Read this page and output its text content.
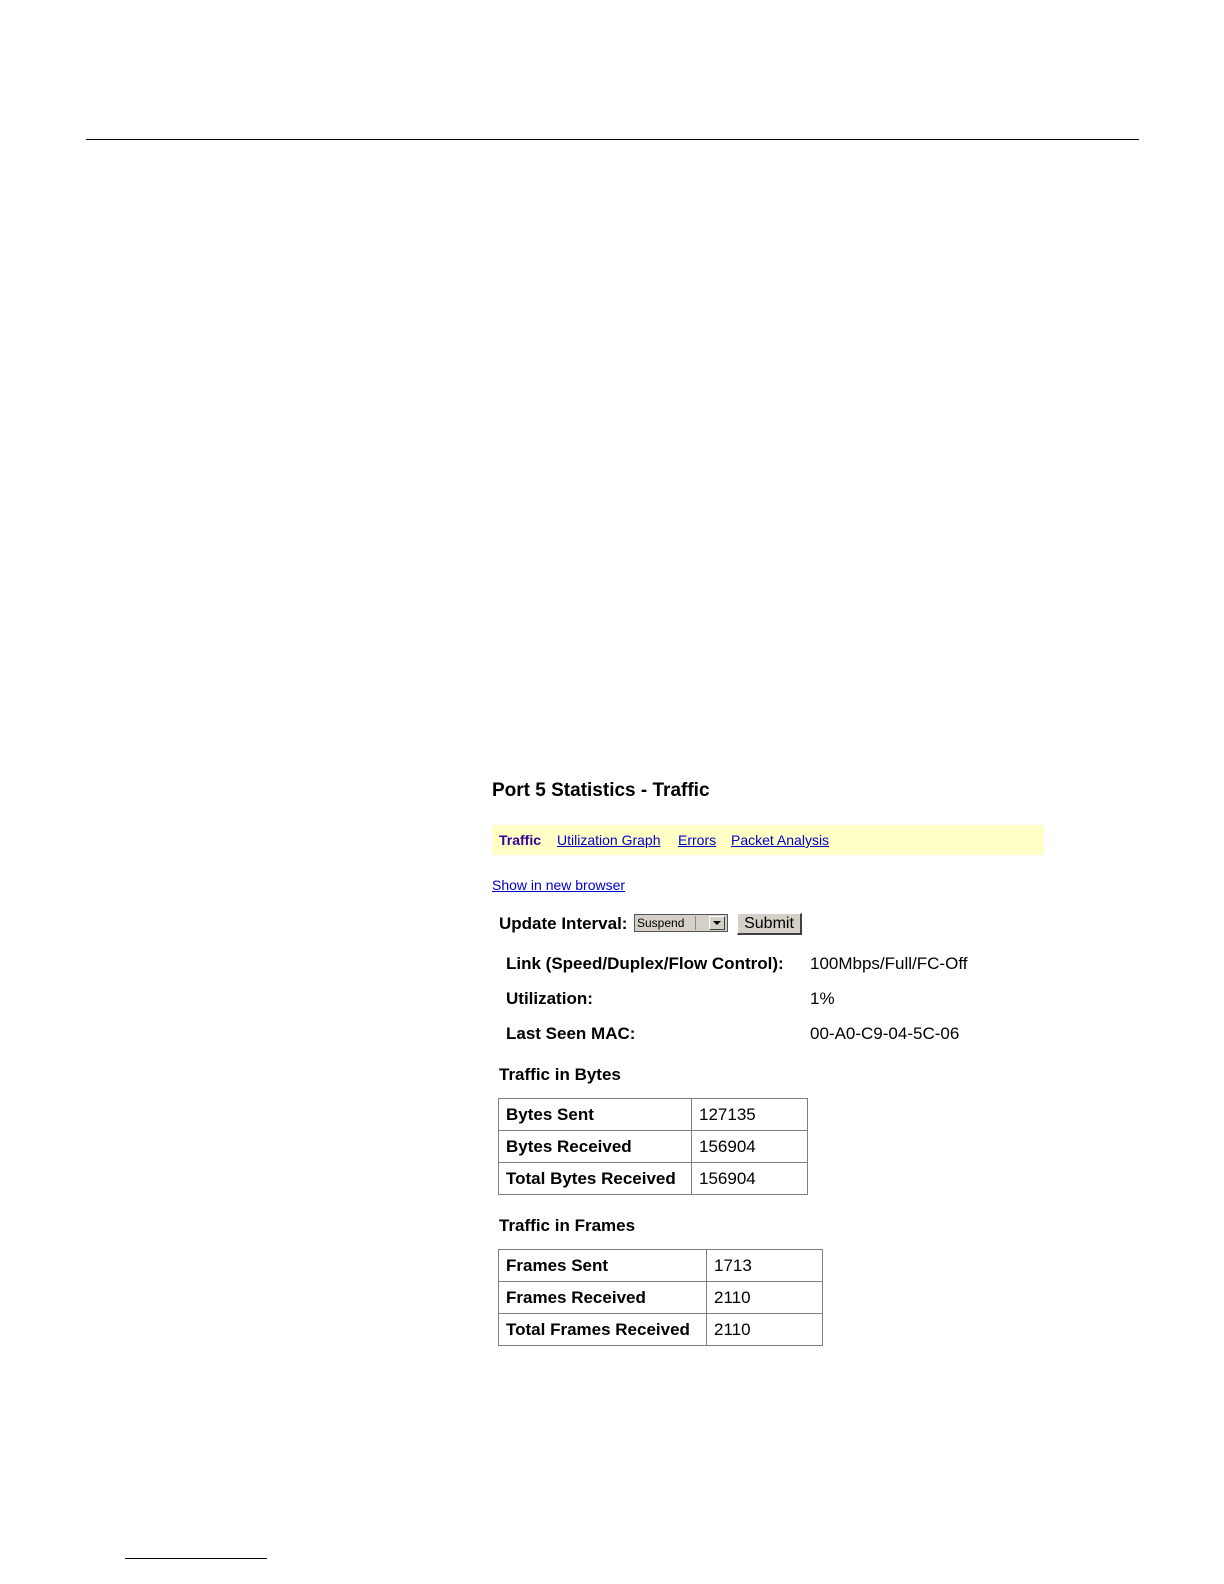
Port 5 Statistics - Traffic
Traffic Utilization Graph Errors Packet Analysis
Show in new browser
Update Interval: Suspend	Submit
Link (Speed/Duplex/Flow Control): 100Mbps/Full/FC-Off
Utilization:	1%
Last Seen MAC:	00-A0-C9-04-5C-06
Traffic in Bytes
Bytes Sent	127135
Bytes Received	156904
Total Bytes Received	156904
Traffic in Frames
Frames Sent	1713
Frames Received	2110
Total Frames Received	2110
